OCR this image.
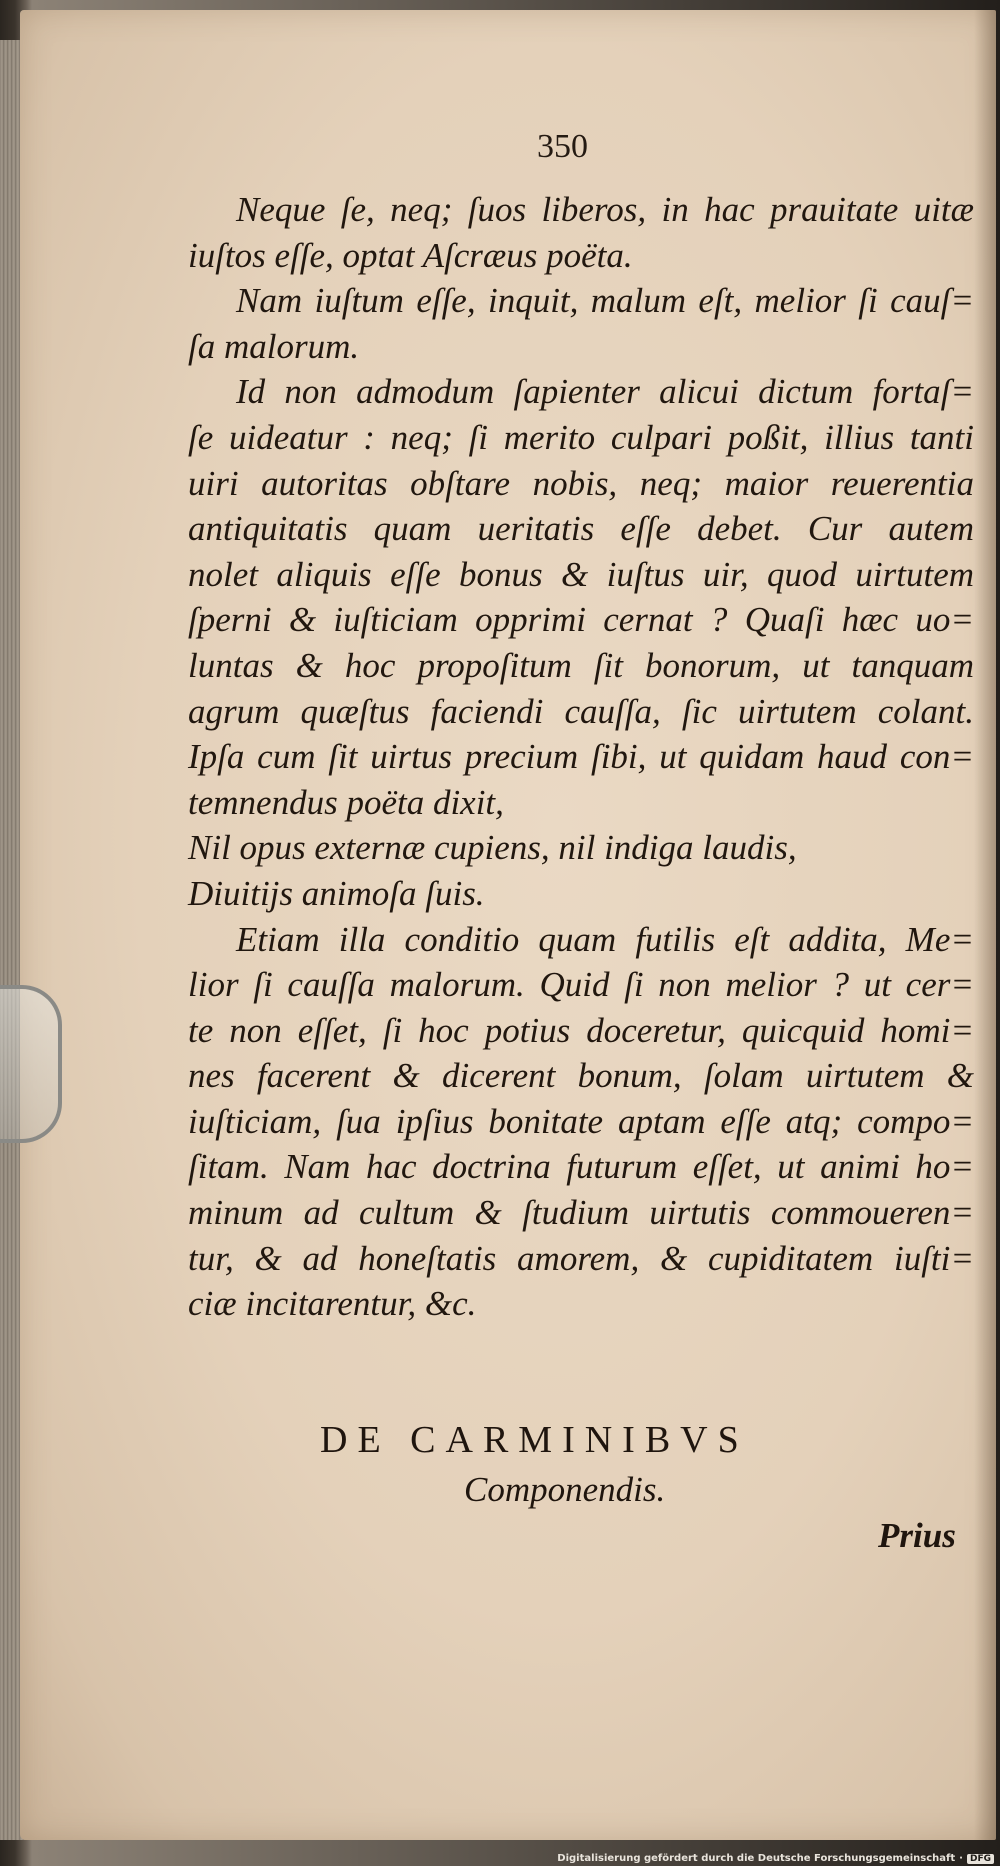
350
Neque ſe, neq; ſuos liberos, in hac prauitate uitæ
iuſtos eſſe, optat Aſcræus poëta.
Nam iuſtum eſſe, inquit, malum eſt, melior ſi cauſ=
ſa malorum.
Id non admodum ſapienter alicui dictum fortaſ=
ſe uideatur : neq; ſi merito culpari poßit, illius tanti
uiri autoritas obſtare nobis, neq; maior reuerentia
antiquitatis quam ueritatis eſſe debet. Cur autem
nolet aliquis eſſe bonus & iuſtus uir, quod uirtutem
ſperni & iuſticiam opprimi cernat ? Quaſi hæc uo=
luntas & hoc propoſitum ſit bonorum, ut tanquam
agrum quæſtus faciendi cauſſa, ſic uirtutem colant.
Ipſa cum ſit uirtus precium ſibi, ut quidam haud con=
temnendus poëta dixit,
Nil opus externæ cupiens, nil indiga laudis,
Diuitijs animoſa ſuis.
Etiam illa conditio quam futilis eſt addita, Me=
lior ſi cauſſa malorum. Quid ſi non melior ? ut cer=
te non eſſet, ſi hoc potius doceretur, quicquid homi=
nes facerent & dicerent bonum, ſolam uirtutem &
iuſticiam, ſua ipſius bonitate aptam eſſe atq; compo=
ſitam. Nam hac doctrina futurum eſſet, ut animi ho=
minum ad cultum & ſtudium uirtutis commoueren=
tur, & ad honeſtatis amorem, & cupiditatem iuſti=
ciæ incitarentur, &c.
DE CARMINIBVS
Componendis.
Prius
Digitalisierung gefördert durch die Deutsche Forschungsgemeinschaft · DFG
